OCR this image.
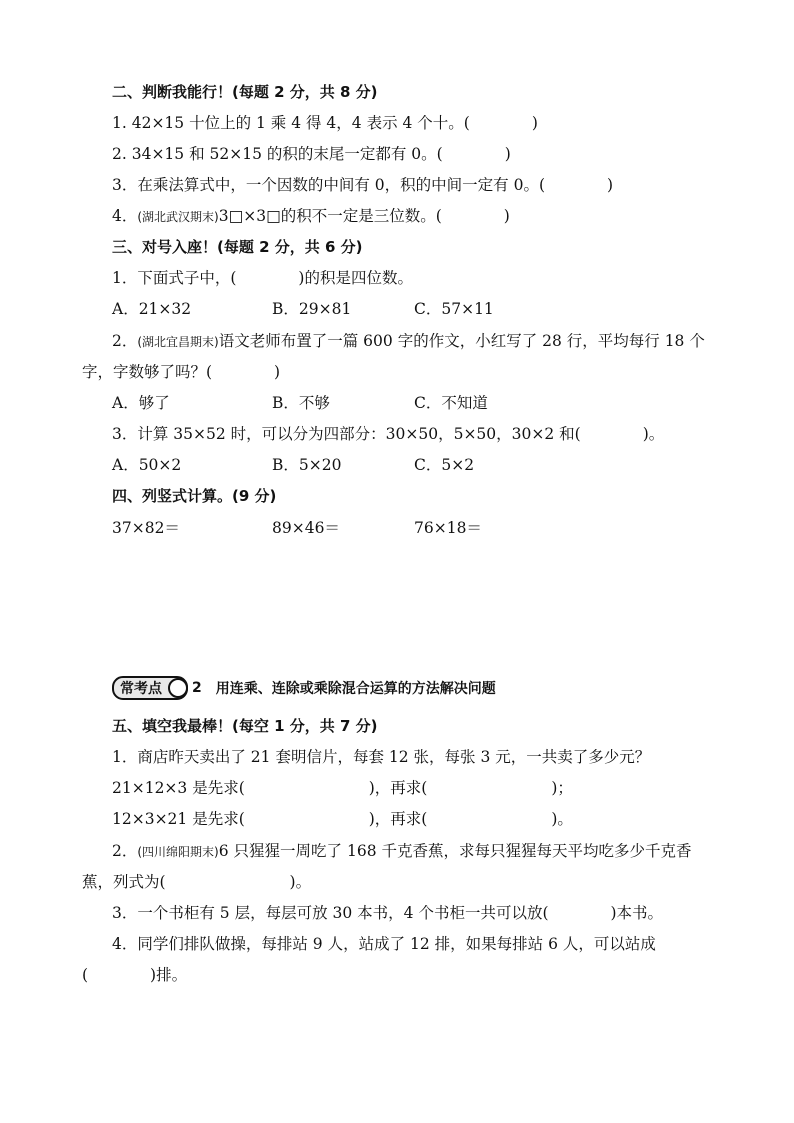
二、判断我能行！(每题 2 分，共 8 分)
1. 42×15 十位上的 1 乘 4 得 4，4 表示 4 个十。(　　　　)
2. 34×15 和 52×15 的积的末尾一定都有 0。(　　　　)
3．在乘法算式中，一个因数的中间有 0，积的中间一定有 0。(　　　　)
4．(湖北武汉期末)3□×3□的积不一定是三位数。(　　　　)
三、对号入座！(每题 2 分，共 6 分)
1．下面式子中，(　　　　)的积是四位数。
A．21×32	B．29×81	C．57×11
2．(湖北宜昌期末)语文老师布置了一篇 600 字的作文，小红写了 28 行，平均每行 18 个
字，字数够了吗？(　　　　)
A．够了	B．不够	C．不知道
3．计算 35×52 时，可以分为四部分：30×50，5×50，30×2 和(　　　　)。
A．50×2	B．5×20	C．5×2
四、列竖式计算。(9 分)
37×82＝	89×46＝	76×18＝
常考点 2 用连乘、连除或乘除混合运算的方法解决问题
五、填空我最棒！(每空 1 分，共 7 分)
1．商店昨天卖出了 21 套明信片，每套 12 张，每张 3 元，一共卖了多少元？
21×12×3 是先求(　　　　　　　　)，再求(　　　　　　　　)；
12×3×21 是先求(　　　　　　　　)，再求(　　　　　　　　)。
2．(四川绵阳期末)6 只猩猩一周吃了 168 千克香蕉，求每只猩猩每天平均吃多少千克香
蕉，列式为(　　　　　　　　)。
3．一个书柜有 5 层，每层可放 30 本书，4 个书柜一共可以放(　　　　)本书。
4．同学们排队做操，每排站 9 人，站成了 12 排，如果每排站 6 人，可以站成
(　　　　)排。
